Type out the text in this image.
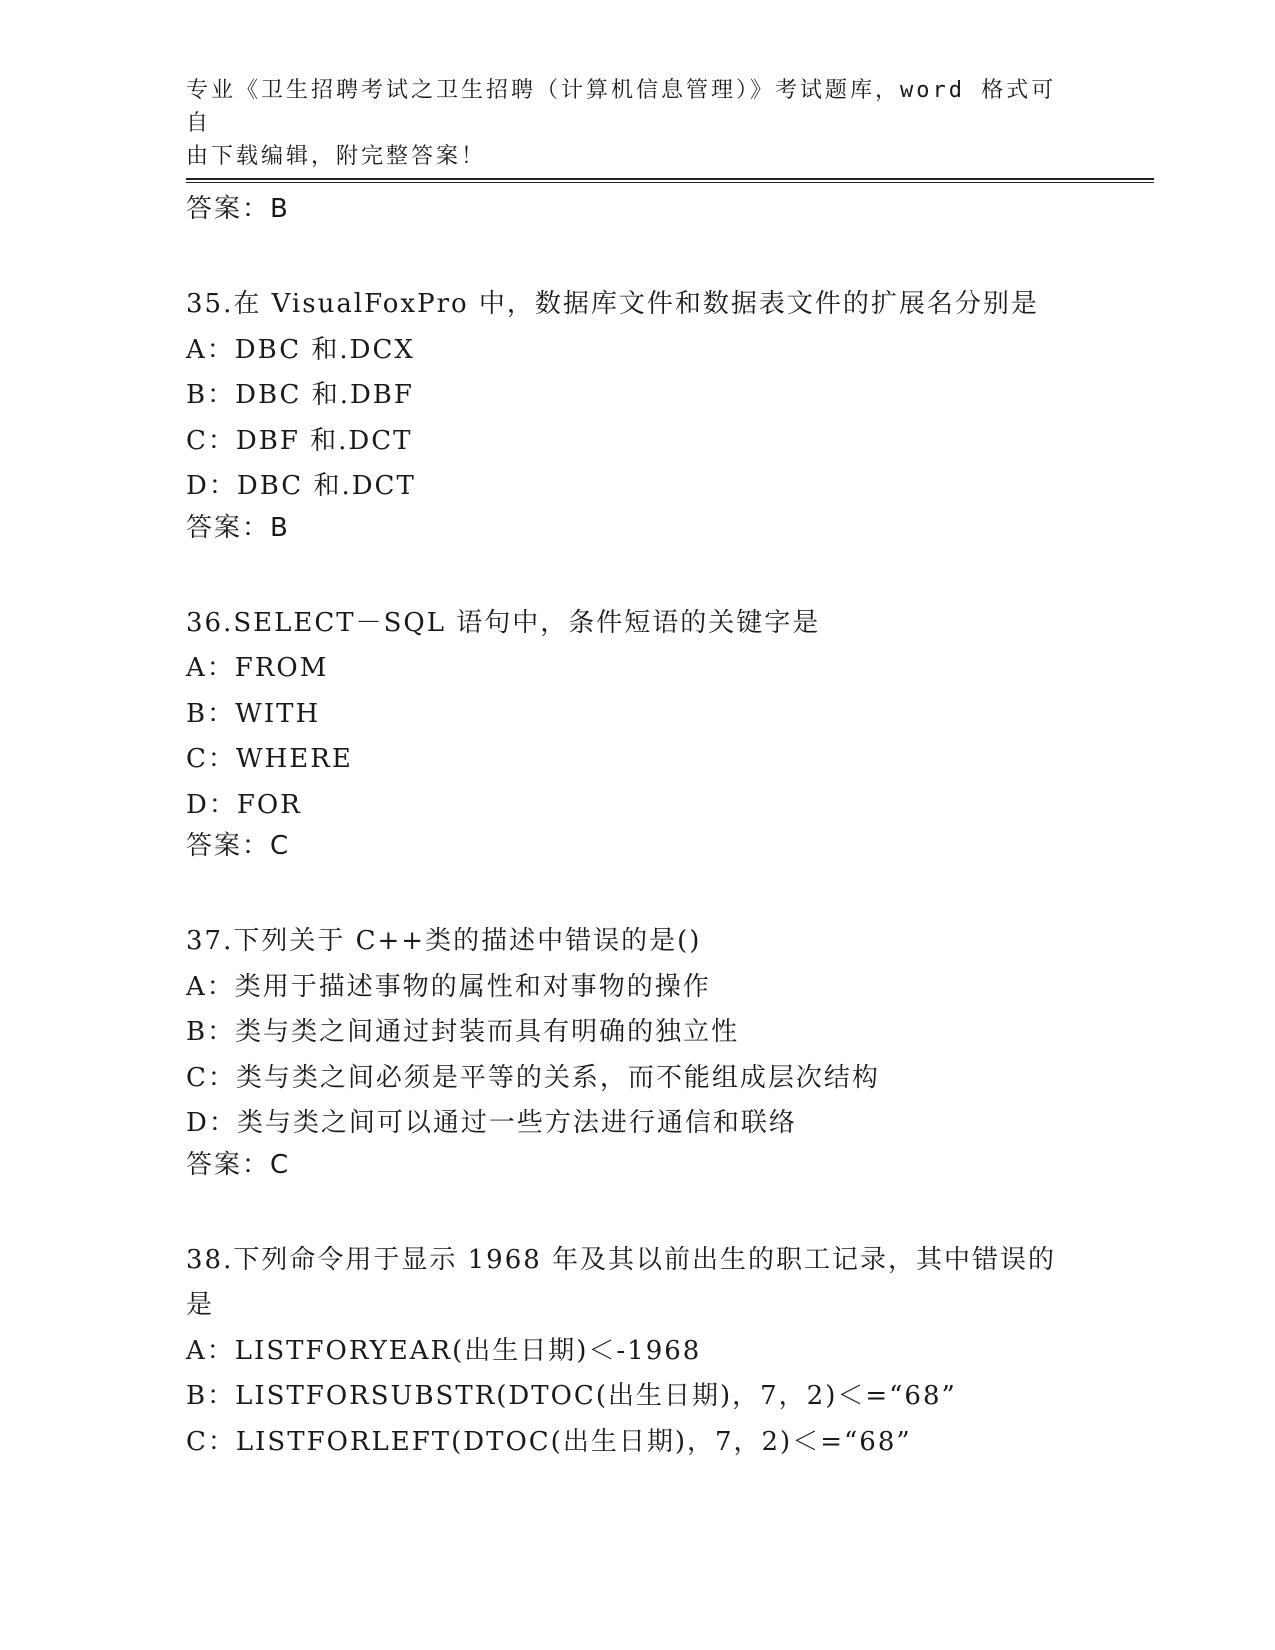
专业《卫生招聘考试之卫生招聘（计算机信息管理）》考试题库，word 格式可自
由下载编辑，附完整答案！
答案：B
35.在 VisualFoxPro 中，数据库文件和数据表文件的扩展名分别是
A：DBC 和.DCX
B：DBC 和.DBF
C：DBF 和.DCT
D：DBC 和.DCT
答案：B
36.SELECT－SQL 语句中，条件短语的关键字是
A：FROM
B：WITH
C：WHERE
D：FOR
答案：C
37.下列关于 C++类的描述中错误的是()
A：类用于描述事物的属性和对事物的操作
B：类与类之间通过封装而具有明确的独立性
C：类与类之间必须是平等的关系，而不能组成层次结构
D：类与类之间可以通过一些方法进行通信和联络
答案：C
38.下列命令用于显示 1968 年及其以前出生的职工记录，其中错误的
是
A：LISTFORYEAR(出生日期)＜-1968
B：LISTFORSUBSTR(DTOC(出生日期)，7，2)＜=“68”
C：LISTFORLEFT(DTOC(出生日期)，7，2)＜=“68”
